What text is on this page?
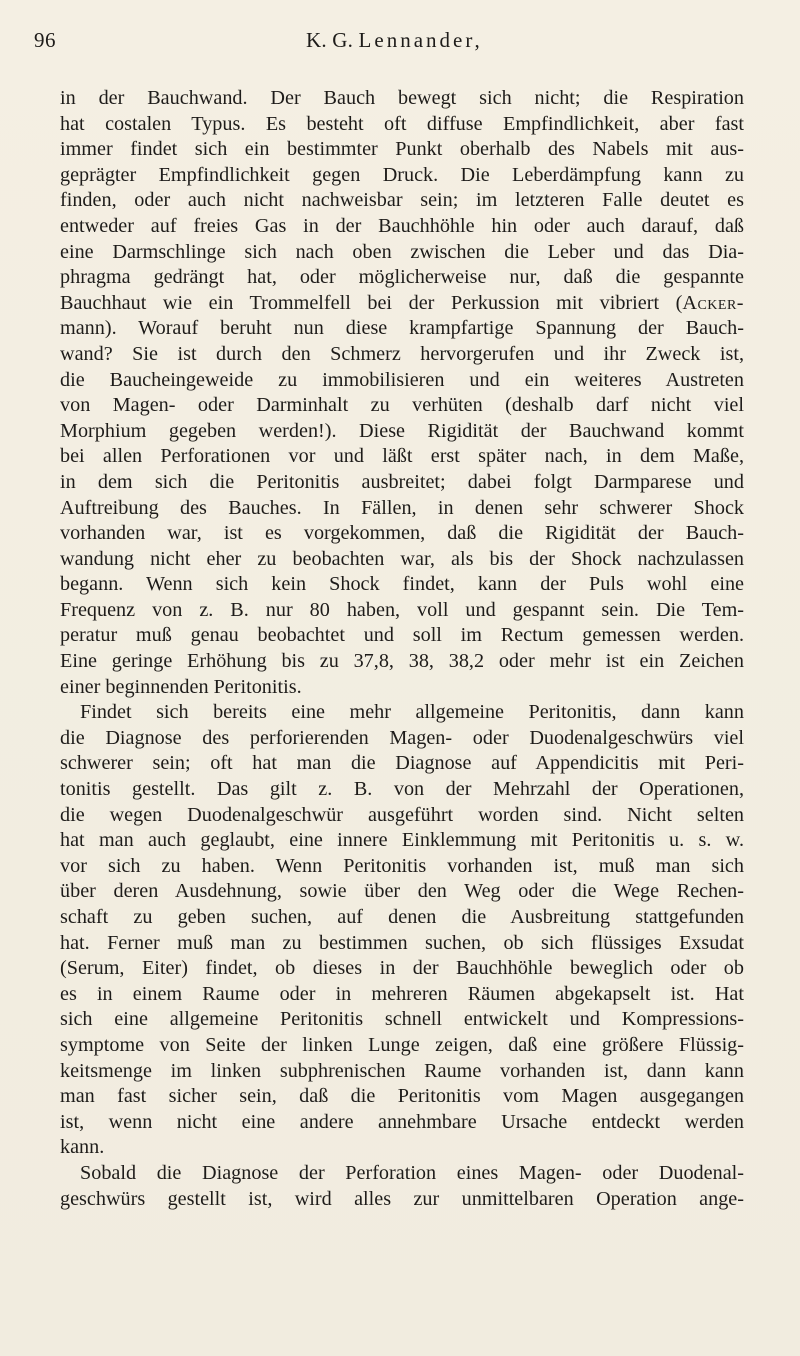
96	K. G. Lennander,
in der Bauchwand. Der Bauch bewegt sich nicht; die Respiration
hat costalen Typus. Es besteht oft diffuse Empfindlichkeit, aber fast
immer findet sich ein bestimmter Punkt oberhalb des Nabels mit aus-
geprägter Empfindlichkeit gegen Druck. Die Leberdämpfung kann zu
finden, oder auch nicht nachweisbar sein; im letzteren Falle deutet es
entweder auf freies Gas in der Bauchhöhle hin oder auch darauf, daß
eine Darmschlinge sich nach oben zwischen die Leber und das Dia-
phragma gedrängt hat, oder möglicherweise nur, daß die gespannte
Bauchhaut wie ein Trommelfell bei der Perkussion mit vibriert (Acker-
mann). Worauf beruht nun diese krampfartige Spannung der Bauch-
wand? Sie ist durch den Schmerz hervorgerufen und ihr Zweck ist,
die Baucheingeweide zu immobilisieren und ein weiteres Austreten
von Magen- oder Darminhalt zu verhüten (deshalb darf nicht viel
Morphium gegeben werden!). Diese Rigidität der Bauchwand kommt
bei allen Perforationen vor und läßt erst später nach, in dem Maße,
in dem sich die Peritonitis ausbreitet; dabei folgt Darmparese und
Auftreibung des Bauches. In Fällen, in denen sehr schwerer Shock
vorhanden war, ist es vorgekommen, daß die Rigidität der Bauch-
wandung nicht eher zu beobachten war, als bis der Shock nachzulassen
begann. Wenn sich kein Shock findet, kann der Puls wohl eine
Frequenz von z. B. nur 80 haben, voll und gespannt sein. Die Tem-
peratur muß genau beobachtet und soll im Rectum gemessen werden.
Eine geringe Erhöhung bis zu 37,8, 38, 38,2 oder mehr ist ein Zeichen
einer beginnenden Peritonitis.
Findet sich bereits eine mehr allgemeine Peritonitis, dann kann
die Diagnose des perforierenden Magen- oder Duodenalgeschwürs viel
schwerer sein; oft hat man die Diagnose auf Appendicitis mit Peri-
tonitis gestellt. Das gilt z. B. von der Mehrzahl der Operationen,
die wegen Duodenalgeschwür ausgeführt worden sind. Nicht selten
hat man auch geglaubt, eine innere Einklemmung mit Peritonitis u. s. w.
vor sich zu haben. Wenn Peritonitis vorhanden ist, muß man sich
über deren Ausdehnung, sowie über den Weg oder die Wege Rechen-
schaft zu geben suchen, auf denen die Ausbreitung stattgefunden
hat. Ferner muß man zu bestimmen suchen, ob sich flüssiges Exsudat
(Serum, Eiter) findet, ob dieses in der Bauchhöhle beweglich oder ob
es in einem Raume oder in mehreren Räumen abgekapselt ist. Hat
sich eine allgemeine Peritonitis schnell entwickelt und Kompressions-
symptome von Seite der linken Lunge zeigen, daß eine größere Flüssig-
keitsmenge im linken subphrenischen Raume vorhanden ist, dann kann
man fast sicher sein, daß die Peritonitis vom Magen ausgegangen
ist, wenn nicht eine andere annehmbare Ursache entdeckt werden
kann.
Sobald die Diagnose der Perforation eines Magen- oder Duodenal-
geschwürs gestellt ist, wird alles zur unmittelbaren Operation ange-
